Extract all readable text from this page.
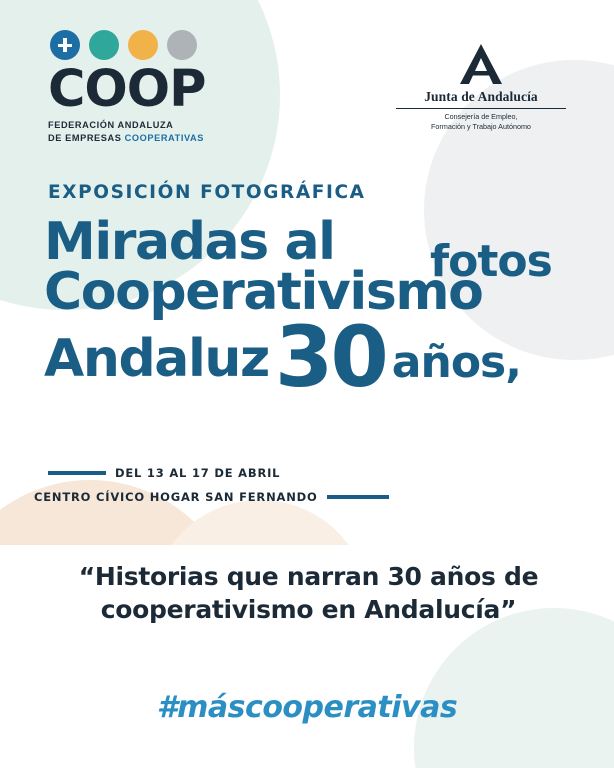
COOP
FEDERACIÓN ANDALUZA
DE EMPRESAS COOPERATIVAS
Junta de Andalucía
Consejería de Empleo,
Formación y Trabajo Autónomo
EXPOSICIÓN FOTOGRÁFICA
Miradas al
Cooperativismo
Andaluz 30 años,
fotos
DEL 13 AL 17 DE ABRIL
CENTRO CÍVICO HOGAR SAN FERNANDO
“Historias que narran 30 años de
cooperativismo en Andalucía”
#máscooperativas
